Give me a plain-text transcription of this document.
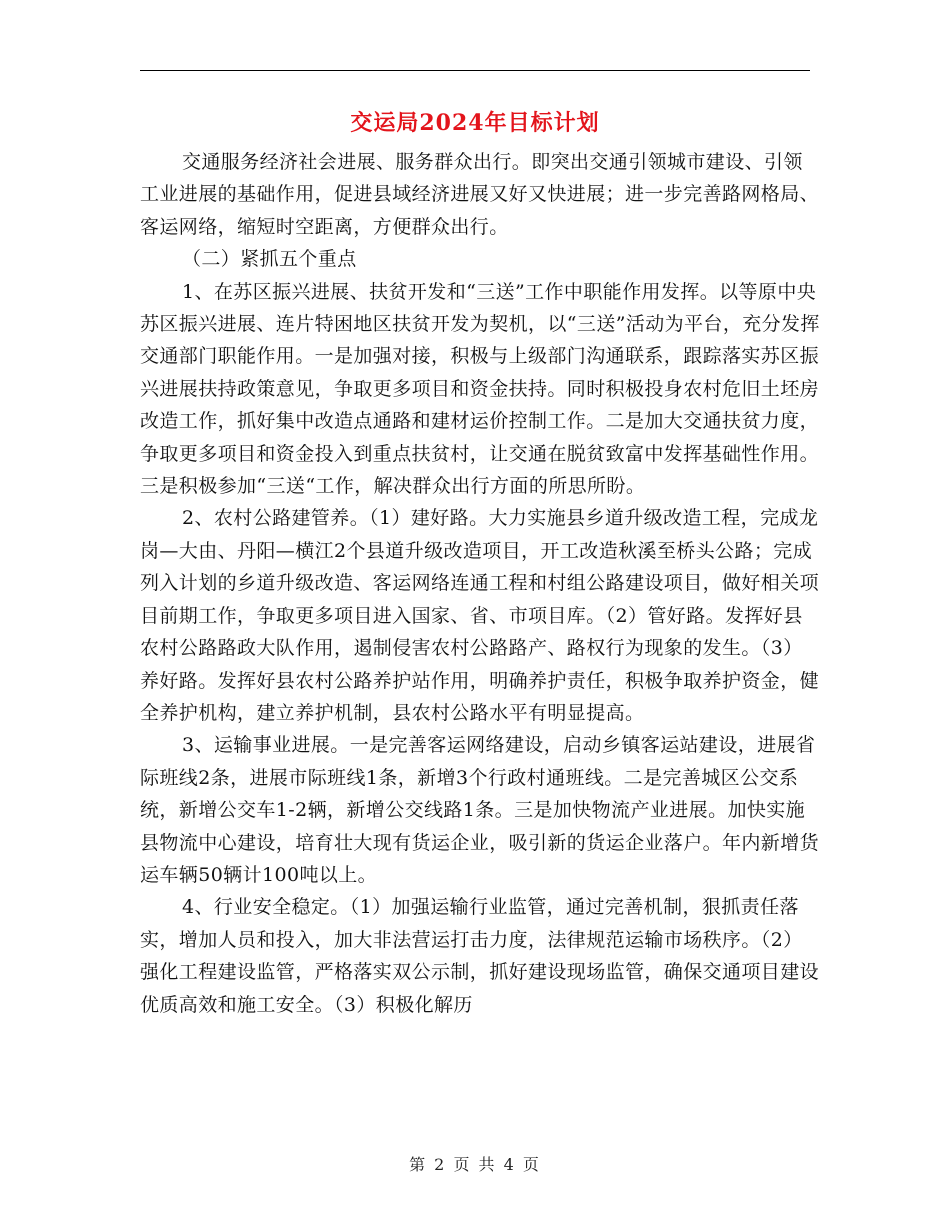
交运局2024年目标计划

交通服务经济社会进展、服务群众出行。即突出交通引领城市建设、引领工业进展的基础作用，促进县域经济进展又好又快进展；进一步完善路网格局、客运网络，缩短时空距离，方便群众出行。

（二）紧抓五个重点

1、在苏区振兴进展、扶贫开发和“三送”工作中职能作用发挥。以等原中央苏区振兴进展、连片特困地区扶贫开发为契机，以“三送”活动为平台，充分发挥交通部门职能作用。一是加强对接，积极与上级部门沟通联系，跟踪落实苏区振兴进展扶持政策意见，争取更多项目和资金扶持。同时积极投身农村危旧土坯房改造工作，抓好集中改造点通路和建材运价控制工作。二是加大交通扶贫力度，争取更多项目和资金投入到重点扶贫村，让交通在脱贫致富中发挥基础性作用。三是积极参加“三送“工作，解决群众出行方面的所思所盼。

2、农村公路建管养。（1）建好路。大力实施县乡道升级改造工程，完成龙岗—大由、丹阳—横江2个县道升级改造项目，开工改造秋溪至桥头公路；完成列入计划的乡道升级改造、客运网络连通工程和村组公路建设项目，做好相关项目前期工作，争取更多项目进入国家、省、市项目库。（2）管好路。发挥好县农村公路路政大队作用，遏制侵害农村公路路产、路权行为现象的发生。（3）养好路。发挥好县农村公路养护站作用，明确养护责任，积极争取养护资金，健全养护机构，建立养护机制，县农村公路水平有明显提高。

3、运输事业进展。一是完善客运网络建设，启动乡镇客运站建设，进展省际班线2条，进展市际班线1条，新增3个行政村通班线。二是完善城区公交系统，新增公交车1-2辆，新增公交线路1条。三是加快物流产业进展。加快实施县物流中心建设，培育壮大现有货运企业，吸引新的货运企业落户。年内新增货运车辆50辆计100吨以上。

4、行业安全稳定。（1）加强运输行业监管，通过完善机制，狠抓责任落实，增加人员和投入，加大非法营运打击力度，法律规范运输市场秩序。（2）强化工程建设监管，严格落实双公示制，抓好建设现场监管，确保交通项目建设优质高效和施工安全。（3）积极化解历

第 2 页 共 4 页
